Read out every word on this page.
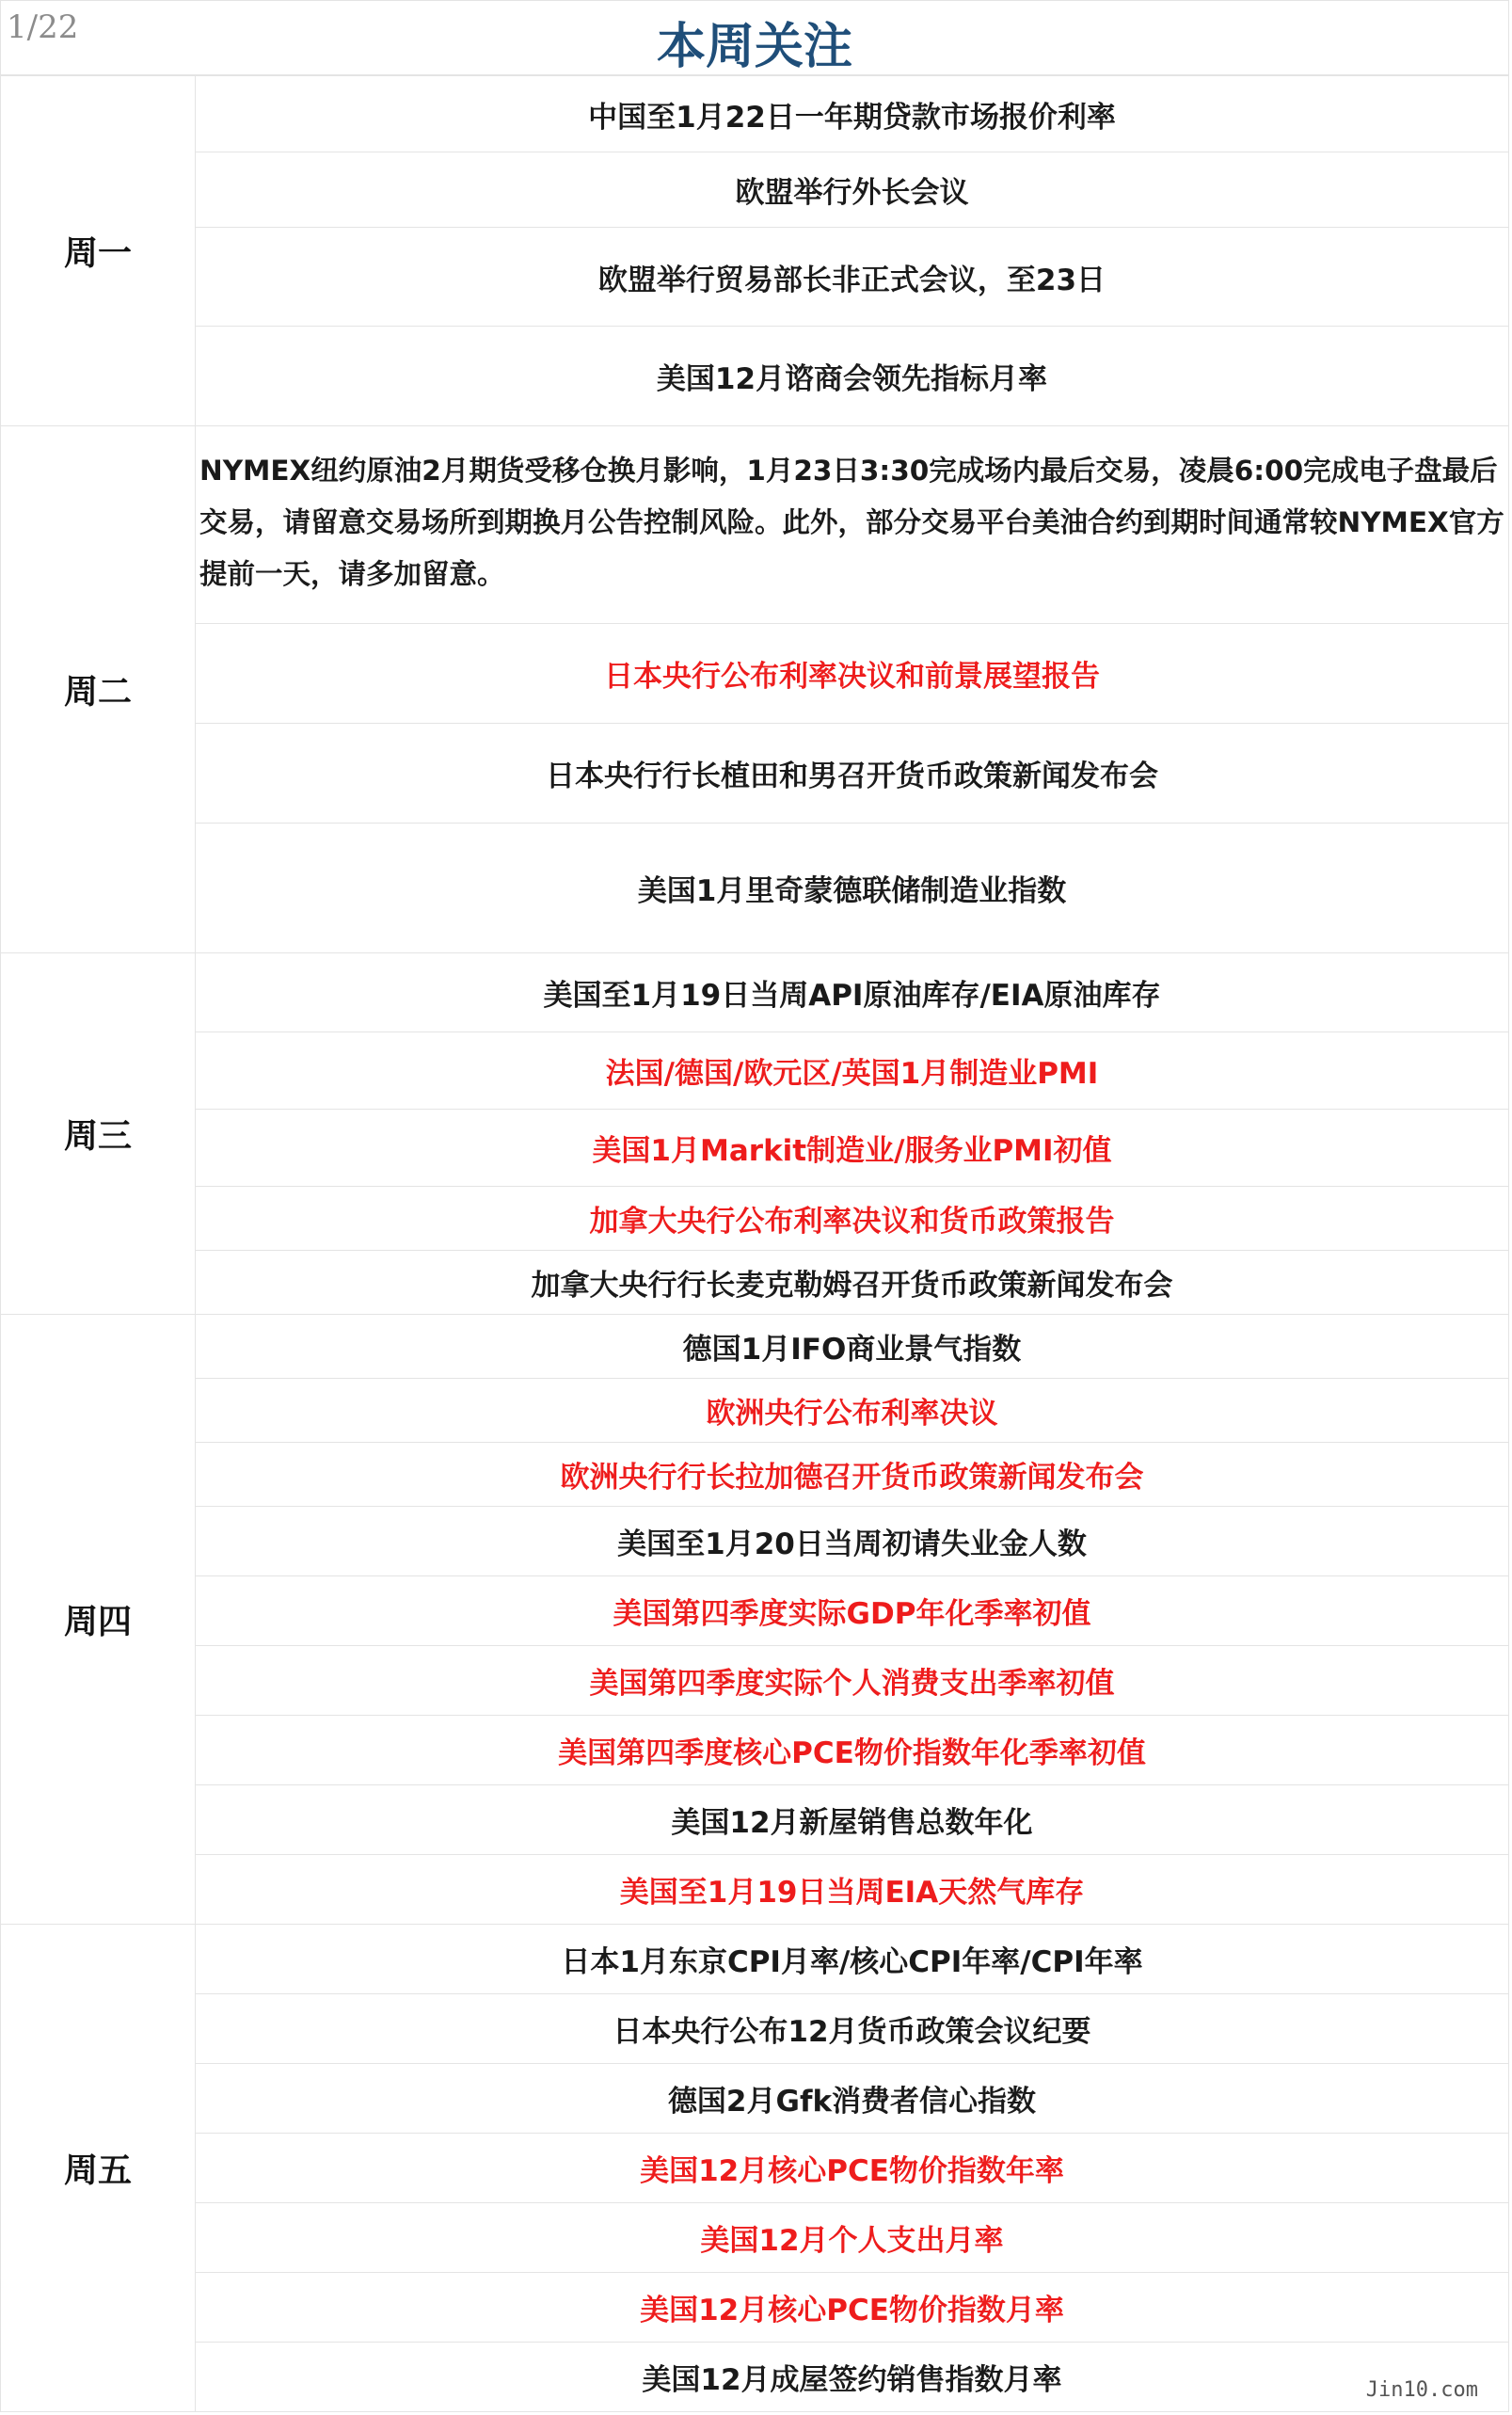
1/22	本周关注
周一	中国至1月22日一年期贷款市场报价利率
	欧盟举行外长会议
	欧盟举行贸易部长非正式会议，至23日
	美国12月谘商会领先指标月率
周二	NYMEX纽约原油2月期货受移仓换月影响，1月23日3:30完成场内最后交易，凌晨6:00完成电子盘最后交易，请留意交易场所到期换月公告控制风险。此外，部分交易平台美油合约到期时间通常较NYMEX官方提前一天，请多加留意。
	日本央行公布利率决议和前景展望报告
	日本央行行长植田和男召开货币政策新闻发布会
	美国1月里奇蒙德联储制造业指数
周三	美国至1月19日当周API原油库存/EIA原油库存
	法国/德国/欧元区/英国1月制造业PMI
	美国1月Markit制造业/服务业PMI初值
	加拿大央行公布利率决议和货币政策报告
	加拿大央行行长麦克勒姆召开货币政策新闻发布会
周四	德国1月IFO商业景气指数
	欧洲央行公布利率决议
	欧洲央行行长拉加德召开货币政策新闻发布会
	美国至1月20日当周初请失业金人数
	美国第四季度实际GDP年化季率初值
	美国第四季度实际个人消费支出季率初值
	美国第四季度核心PCE物价指数年化季率初值
	美国12月新屋销售总数年化
	美国至1月19日当周EIA天然气库存
周五	日本1月东京CPI月率/核心CPI年率/CPI年率
	日本央行公布12月货币政策会议纪要
	德国2月Gfk消费者信心指数
	美国12月核心PCE物价指数年率
	美国12月个人支出月率
	美国12月核心PCE物价指数月率
	美国12月成屋签约销售指数月率	Jin10.com
